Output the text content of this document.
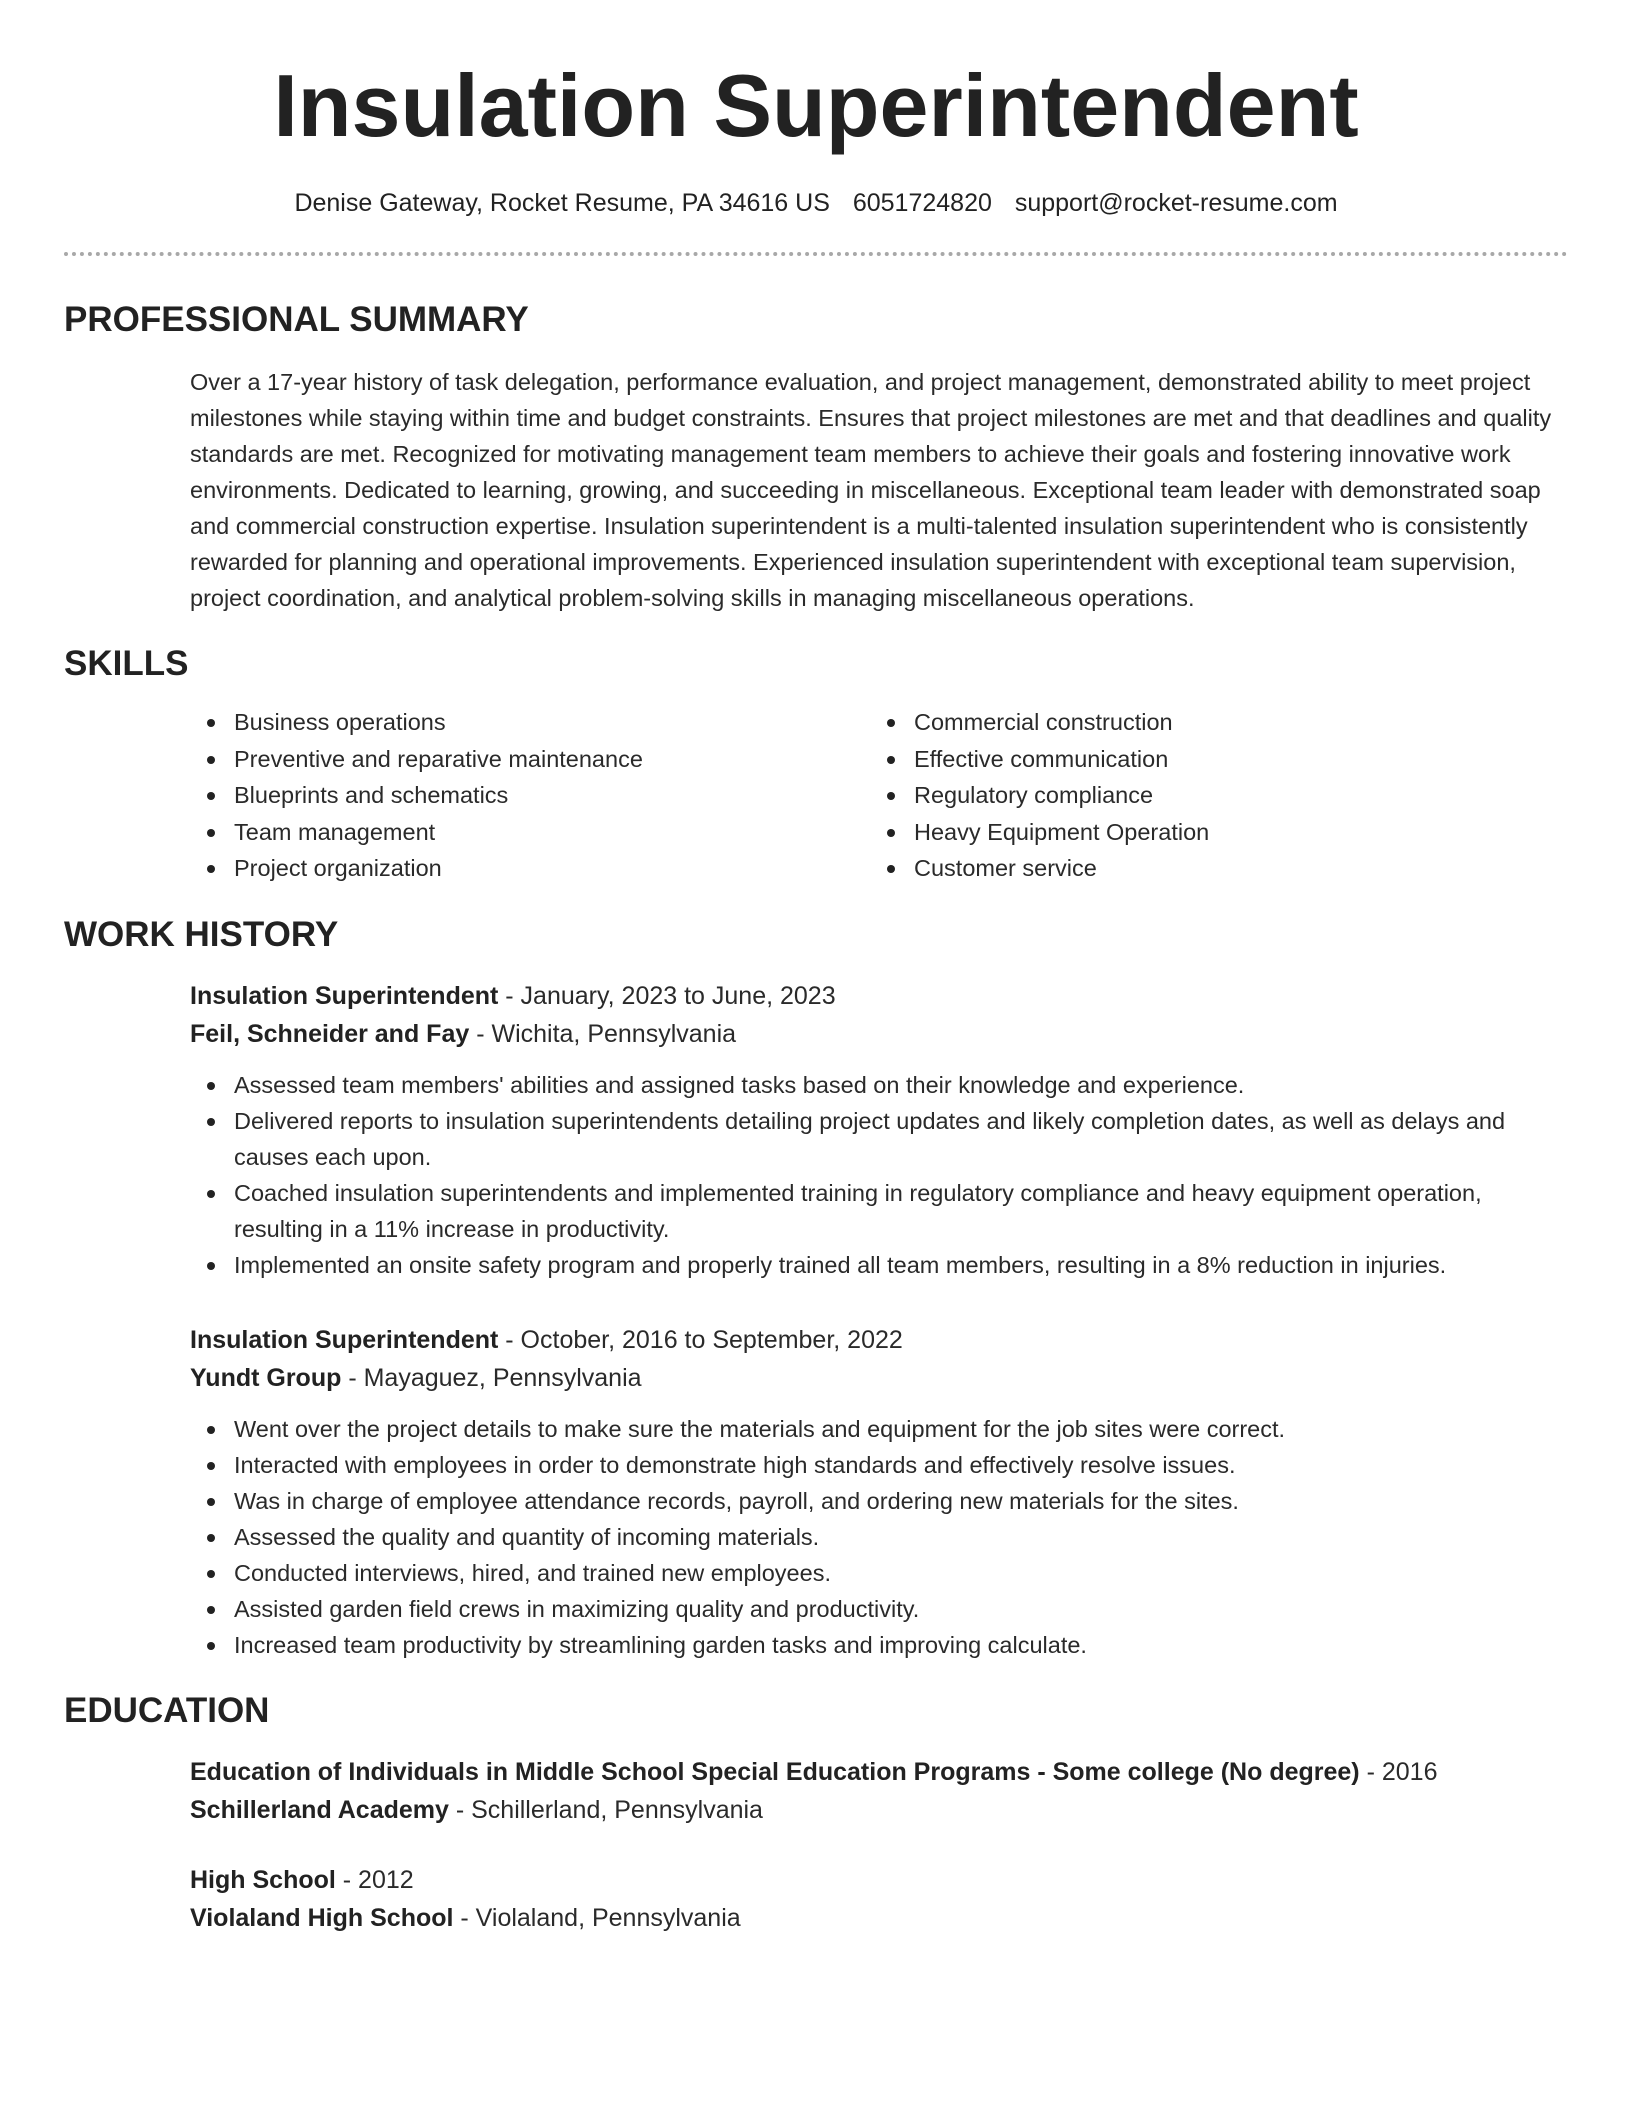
Insulation Superintendent
Denise Gateway, Rocket Resume, PA 34616 US 6051724820 support@rocket-resume.com
PROFESSIONAL SUMMARY

Over a 17-year history of task delegation, performance evaluation, and project management, demonstrated ability to meet project milestones while staying within time and budget constraints. Ensures that project milestones are met and that deadlines and quality standards are met. Recognized for motivating management team members to achieve their goals and fostering innovative work environments. Dedicated to learning, growing, and succeeding in miscellaneous. Exceptional team leader with demonstrated soap and commercial construction expertise. Insulation superintendent is a multi-talented insulation superintendent who is consistently rewarded for planning and operational improvements. Experienced insulation superintendent with exceptional team supervision, project coordination, and analytical problem-solving skills in managing miscellaneous operations.

SKILLS
Business operations
Preventive and reparative maintenance
Blueprints and schematics
Team management
Project organization
Commercial construction
Effective communication
Regulatory compliance
Heavy Equipment Operation
Customer service
WORK HISTORY
Insulation Superintendent - January, 2023 to June, 2023
Feil, Schneider and Fay - Wichita, Pennsylvania
Assessed team members' abilities and assigned tasks based on their knowledge and experience.
Delivered reports to insulation superintendents detailing project updates and likely completion dates, as well as delays and causes each upon.
Coached insulation superintendents and implemented training in regulatory compliance and heavy equipment operation, resulting in a 11% increase in productivity.
Implemented an onsite safety program and properly trained all team members, resulting in a 8% reduction in injuries.
Insulation Superintendent - October, 2016 to September, 2022
Yundt Group - Mayaguez, Pennsylvania
Went over the project details to make sure the materials and equipment for the job sites were correct.
Interacted with employees in order to demonstrate high standards and effectively resolve issues.
Was in charge of employee attendance records, payroll, and ordering new materials for the sites.
Assessed the quality and quantity of incoming materials.
Conducted interviews, hired, and trained new employees.
Assisted garden field crews in maximizing quality and productivity.
Increased team productivity by streamlining garden tasks and improving calculate.
EDUCATION
Education of Individuals in Middle School Special Education Programs - Some college (No degree) - 2016
Schillerland Academy - Schillerland, Pennsylvania
High School - 2012
Violaland High School - Violaland, Pennsylvania
